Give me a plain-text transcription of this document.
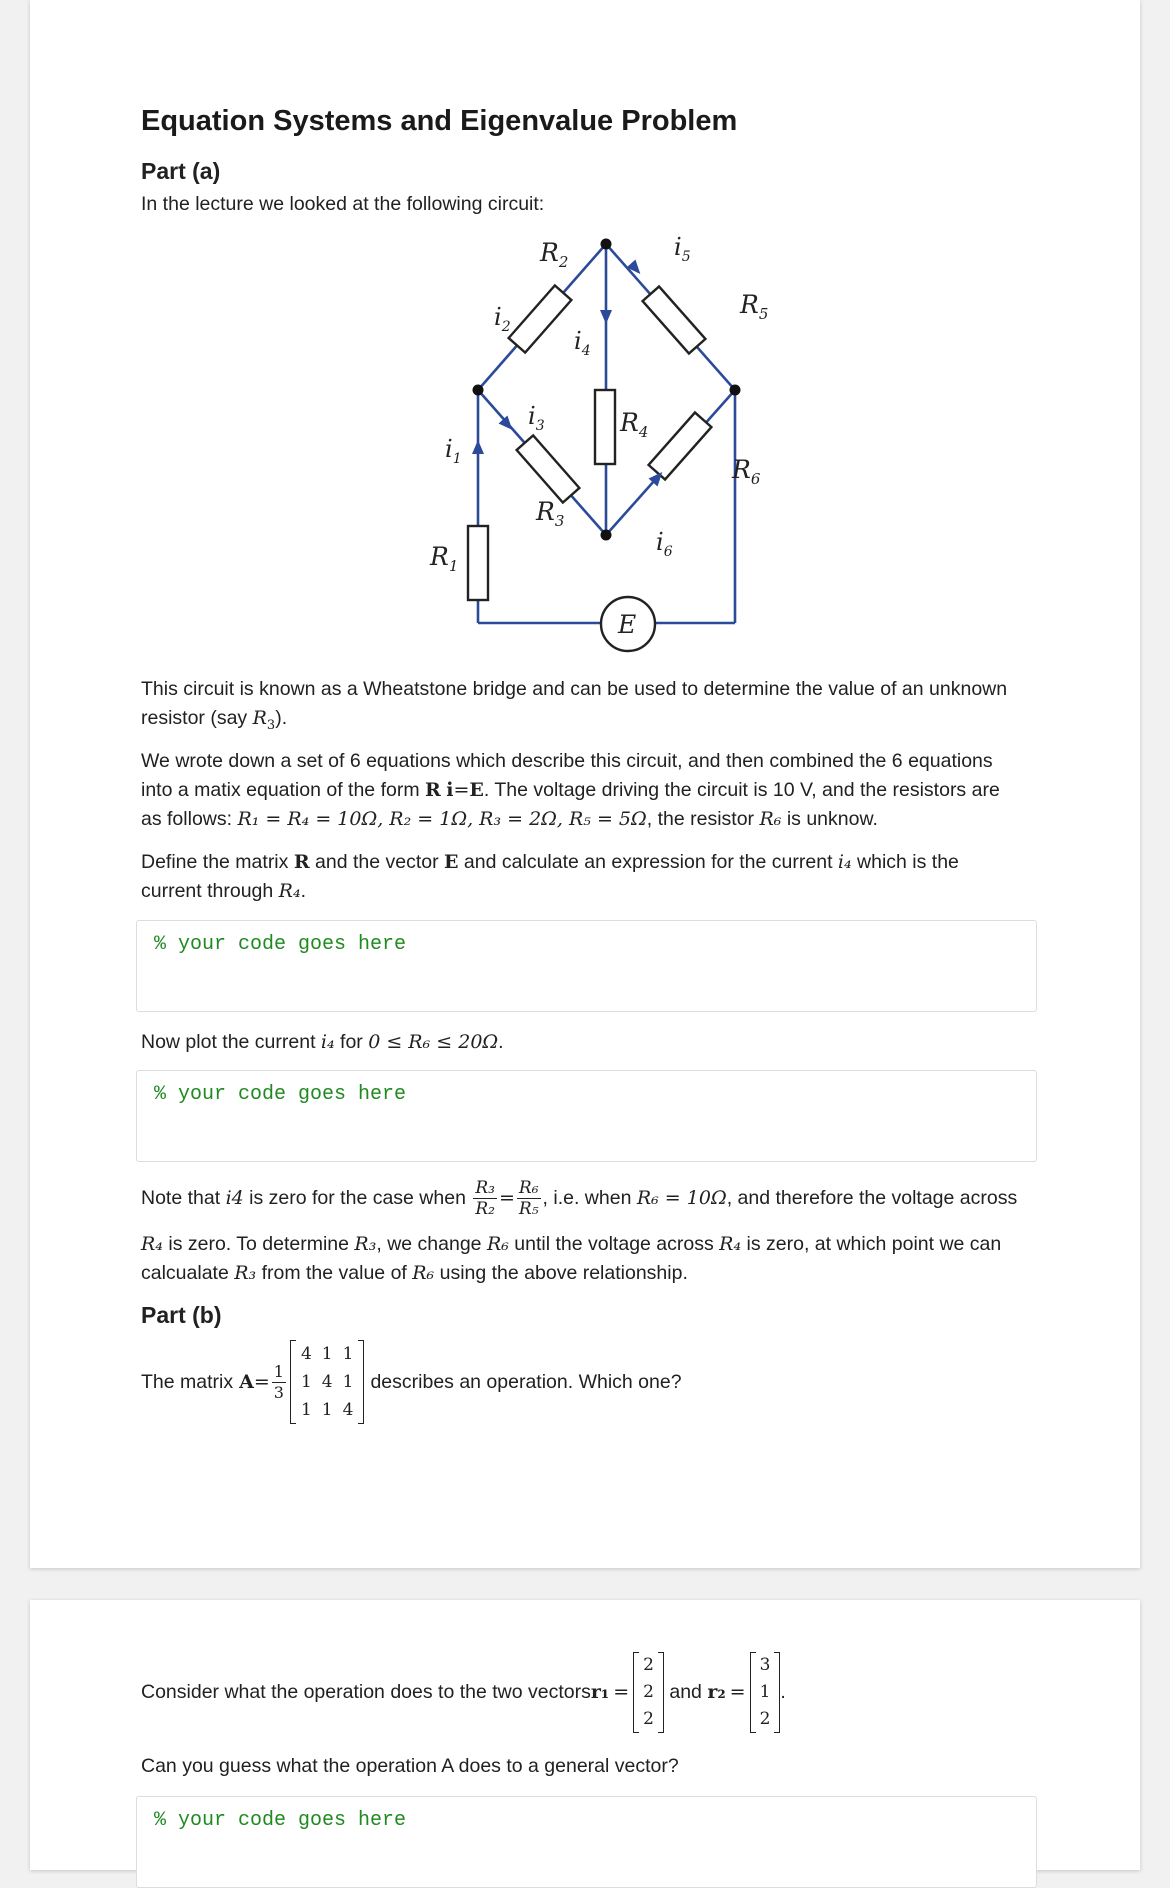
Equation Systems and Eigenvalue Problem
Part (a)
In the lecture we looked at the following circuit:
$R_2$
$R_5$
$R_4$
$R_6$
$R_3$
$R_1$
E
$i_2$
$i_5$
$i_4$
$i_3$
$i_1$
$i_6$
This circuit is known as a Wheatstone bridge and can be used to determine the value of an unknown
resistor (say $R_3$).
We wrote down a set of 6 equations which describe this circuit, and then combined the 6 equations
into a matix equation of the form R i=E. The voltage driving the circuit is 10 V, and the resistors are
as follows: R₁ = R₄ = 10Ω, R₂ = 1Ω, R₃ = 2Ω, R₅ = 5Ω, the resistor R₆ is unknow.
Define the matrix R and the vector E and calculate an expression for the current i₄ which is the
current through R₄.
% your code goes here
Now plot the current i₄ for 0 ≤ R₆ ≤ 20Ω.
% your code goes here
Note that i4 is zero for the case when $\frac{\text{R₃}}{\text{R₂}} = \frac{\text{R₆}}{\text{R₅}}$ , i.e. when R₆ = 10Ω, and therefore the voltage across
R₄ is zero. To determine R₃, we change R₆ until the voltage across R₄ is zero, at which point we can
calcualate R₃ from the value of R₆ using the above relationship.
Part (b)
The matrix $A = \frac{1}{3}$
4	1	1
1	4	1
1	1	4
describes an operation. Which one?
Consider what the operation does to the two vectors r₁ =
2
2
2
and r₂ =
3
1
2
.
Can you guess what the operation A does to a general vector?
% your code goes here
